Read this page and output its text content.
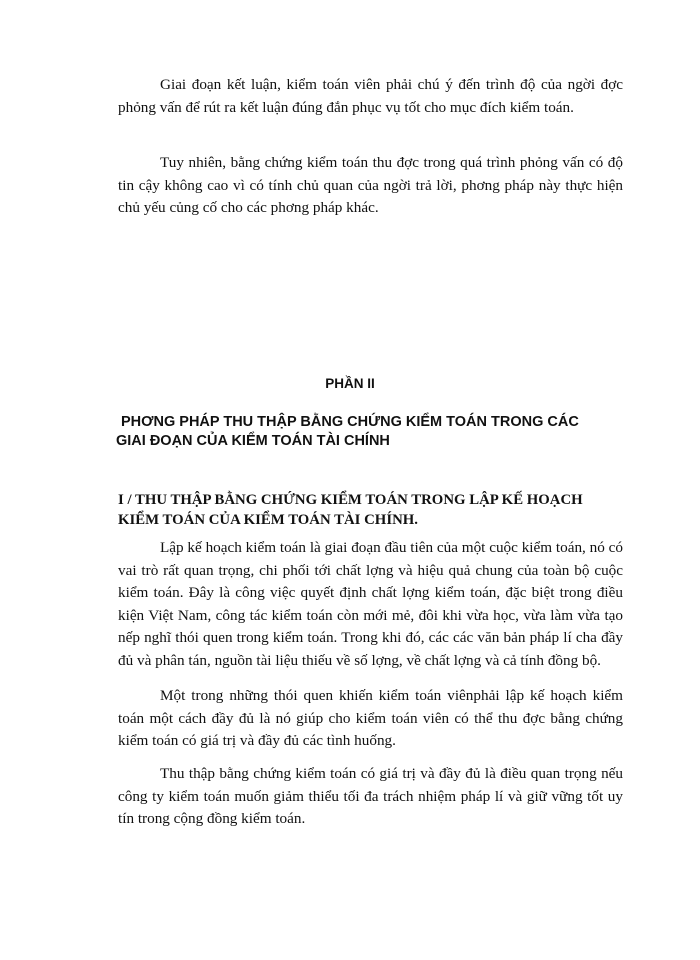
Giai đoạn kết luận, kiểm toán viên phải chú ý đến trình độ của ngời đợc phỏng vấn để rút ra kết luận đúng đắn phục vụ tốt cho mục đích kiểm toán.

Tuy nhiên, bằng chứng kiểm toán thu đợc trong quá trình phỏng vấn có độ tin cậy không cao vì có tính chủ quan của ngời trả lời, phơng pháp này thực hiện chủ yếu củng cố cho các phơng pháp khác.

PHẦN II
PHƠNG PHÁP THU THẬP BẰNG CHỨNG KIỂM TOÁN TRONG CÁC
GIAI ĐOẠN CỦA KIỂM TOÁN TÀI CHÍNH
I / THU THẬP BẰNG CHỨNG KIỂM TOÁN TRONG LẬP KẾ HOẠCH
KIỂM TOÁN CỦA KIỂM TOÁN TÀI CHÍNH.

Lập kế hoạch kiểm toán là giai đoạn đầu tiên của một cuộc kiểm toán, nó có vai trò rất quan trọng, chi phối tới chất lợng và hiệu quả chung của toàn bộ cuộc kiểm toán. Đây là công việc quyết định chất lợng kiểm toán, đặc biệt trong điều kiện Việt Nam, công tác kiểm toán còn mới mẻ, đôi khi vừa học, vừa làm vừa tạo nếp nghĩ thói quen trong kiểm toán. Trong khi đó, các các văn bản pháp lí cha đầy đủ và phân tán, nguồn tài liệu thiếu về số lợng, về chất lợng và cả tính đồng bộ.

Một trong những thói quen khiến kiểm toán viênphải lập kế hoạch kiểm toán một cách đầy đủ là nó giúp cho kiểm toán viên có thể thu đợc bằng chứng kiểm toán có giá trị và đầy đủ các tình huống.

Thu thập bằng chứng kiểm toán có giá trị và đầy đủ là điều quan trọng nếu công ty kiểm toán muốn giảm thiểu tối đa trách nhiệm pháp lí và giữ vững tốt uy tín trong cộng đồng kiểm toán.
